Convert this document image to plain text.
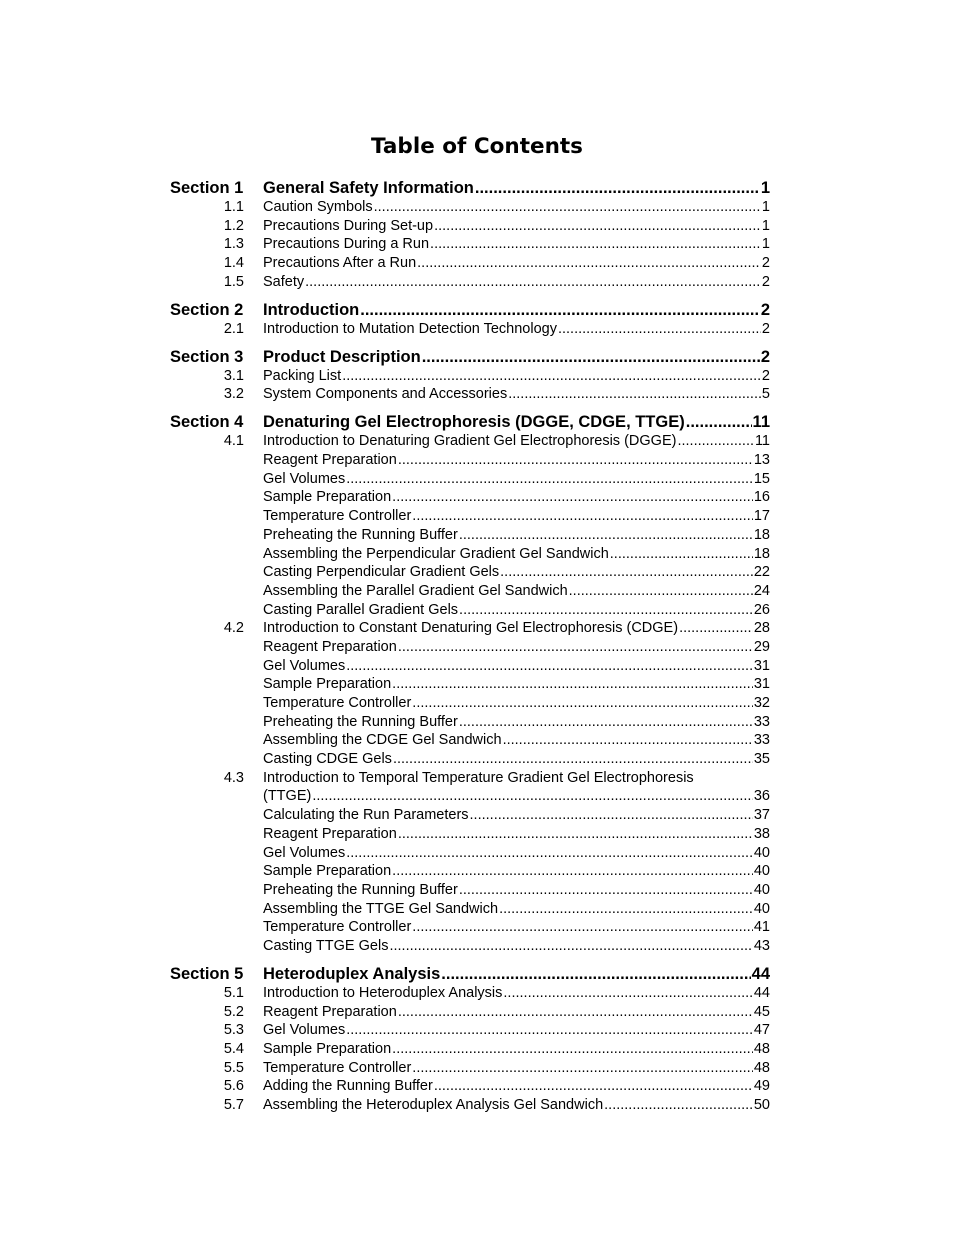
Table of Contents
Section 1	General Safety Information .....	1
1.1 Caution Symbols .....	1
1.2 Precautions During Set-up .....	1
1.3 Precautions During a Run .....	1
1.4 Precautions After a Run .....	2
1.5 Safety .....	2
Section 2	Introduction .....	2
2.1 Introduction to Mutation Detection Technology .....	2
Section 3	Product Description .....	2
3.1 Packing List .....	2
3.2 System Components and Accessories .....	5
Section 4	Denaturing Gel Electrophoresis (DGGE, CDGE, TTGE) .....	11
4.1 Introduction to Denaturing Gradient Gel Electrophoresis (DGGE) .....	11
Reagent Preparation .....	13
Gel Volumes .....	15
Sample Preparation .....	16
Temperature Controller .....	17
Preheating the Running Buffer .....	18
Assembling the Perpendicular Gradient Gel Sandwich .....	18
Casting Perpendicular Gradient Gels .....	22
Assembling the Parallel Gradient Gel Sandwich .....	24
Casting Parallel Gradient Gels .....	26
4.2 Introduction to Constant Denaturing Gel Electrophoresis (CDGE) .....	28
Reagent Preparation .....	29
Gel Volumes .....	31
Sample Preparation .....	31
Temperature Controller .....	32
Preheating the Running Buffer .....	33
Assembling the CDGE Gel Sandwich .....	33
Casting CDGE Gels .....	35
4.3 Introduction to Temporal Temperature Gradient Gel Electrophoresis
(TTGE) .....	36
Calculating the Run Parameters .....	37
Reagent Preparation .....	38
Gel Volumes .....	40
Sample Preparation .....	40
Preheating the Running Buffer .....	40
Assembling the TTGE Gel Sandwich .....	40
Temperature Controller .....	41
Casting TTGE Gels .....	43
Section 5	Heteroduplex Analysis .....	44
5.1 Introduction to Heteroduplex Analysis .....	44
5.2 Reagent Preparation .....	45
5.3 Gel Volumes .....	47
5.4 Sample Preparation .....	48
5.5 Temperature Controller .....	48
5.6 Adding the Running Buffer .....	49
5.7 Assembling the Heteroduplex Analysis Gel Sandwich .....	50
